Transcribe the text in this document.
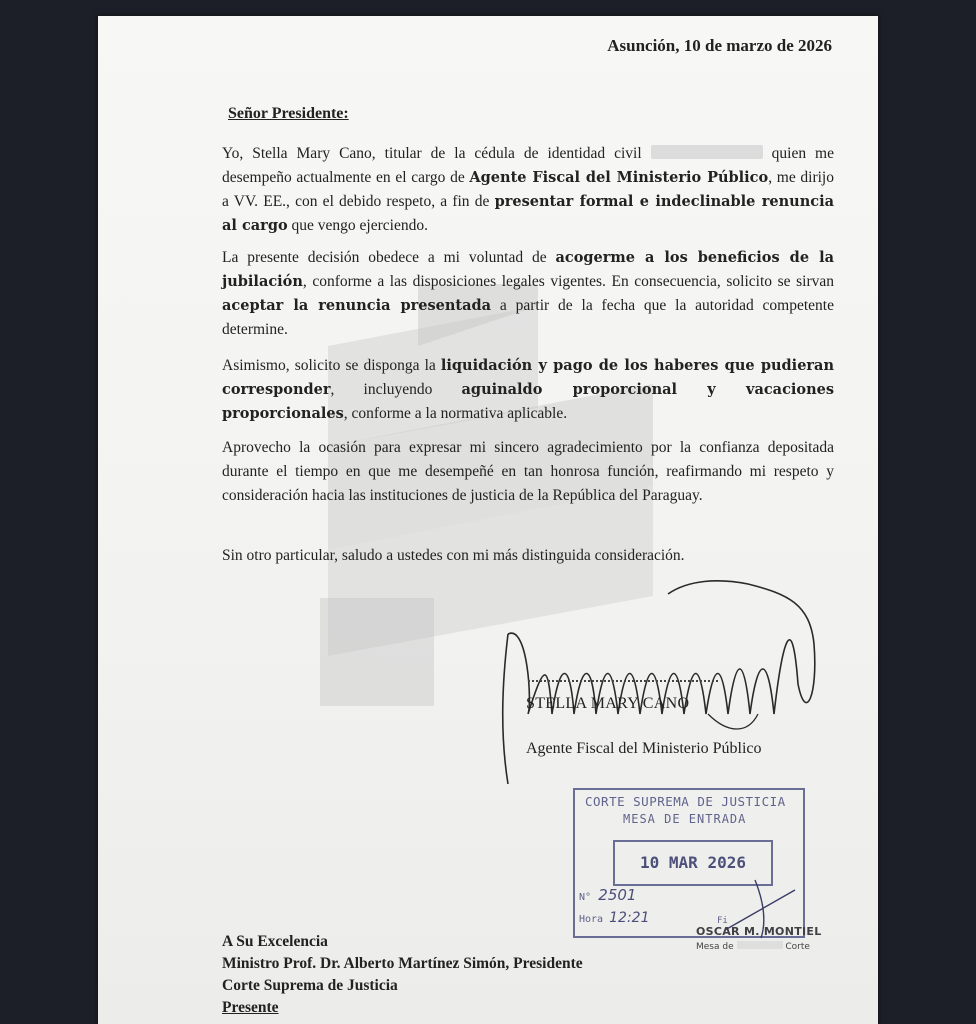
Asunción, 10 de marzo de 2026
Señor Presidente:
Yo, Stella Mary Cano, titular de la cédula de identidad civil	quien me desempeño actualmente en el cargo de Agente Fiscal del Ministerio Público, me dirijo a VV. EE., con el debido respeto, a fin de presentar formal e indeclinable renuncia al cargo que vengo ejerciendo.
La presente decisión obedece a mi voluntad de acogerme a los beneficios de la jubilación, conforme a las disposiciones legales vigentes. En consecuencia, solicito se sirvan aceptar la renuncia presentada a partir de la fecha que la autoridad competente determine.
Asimismo, solicito se disponga la liquidación y pago de los haberes que pudieran corresponder, incluyendo aguinaldo proporcional y vacaciones proporcionales, conforme a la normativa aplicable.
Aprovecho la ocasión para expresar mi sincero agradecimiento por la confianza depositada durante el tiempo en que me desempeñé en tan honrosa función, reafirmando mi respeto y consideración hacia las instituciones de justicia de la República del Paraguay.
Sin otro particular, saludo a ustedes con mi más distinguida consideración.
STELLA MARY CANO
Agente Fiscal del Ministerio Público
CORTE SUPREMA DE JUSTICIA
MESA DE ENTRADA
10 MAR 2026
N° 2501
Hora 12:21	Fi
OSCAR M. MONTIEL
Mesa de	Corte
A Su Excelencia
Ministro Prof. Dr. Alberto Martínez Simón, Presidente
Corte Suprema de Justicia
Presente
